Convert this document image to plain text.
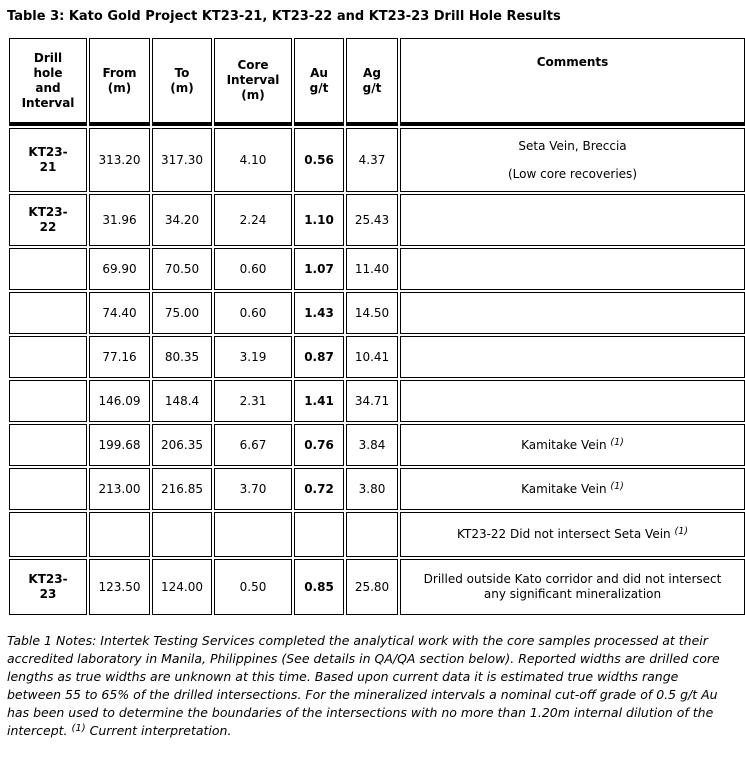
Table 3: Kato Gold Project KT23-21, KT23-22 and KT23-23 Drill Hole Results

Drill hole and Interval	From (m)	To (m)	Core Interval (m)	Au g/t	Ag g/t	Comments
KT23-21	313.20	317.30	4.10	0.56	4.37	Seta Vein, Breccia
(Low core recoveries)

KT23-22	31.96	34.20	2.24	1.10	25.43	
	69.90	70.50	0.60	1.07	11.40	
	74.40	75.00	0.60	1.43	14.50	
	77.16	80.35	3.19	0.87	10.41	
	146.09	148.4	2.31	1.41	34.71	
	199.68	206.35	6.67	0.76	3.84	Kamitake Vein $^{(1)}$

	213.00	216.85	3.70	0.72	3.80	Kamitake Vein $^{(1)}$

						KT23-22 Did not intersect Seta Vein $^{(1)}$

KT23-23	123.50	124.00	0.50	0.85	25.80	Drilled outside Kato corridor and did not intersect any significant mineralization

Table 1 Notes: Intertek Testing Services completed the analytical work with the core samples processed at their accredited laboratory in Manila, Philippines (See details in QA/QA section below). Reported widths are drilled core lengths as true widths are unknown at this time. Based upon current data it is estimated true widths range between 55 to 65% of the drilled intersections. For the mineralized intervals a nominal cut-off grade of 0.5 g/t Au has been used to determine the boundaries of the intersections with no more than 1.20m internal dilution of the intercept. $^{(1)}$ Current interpretation.
